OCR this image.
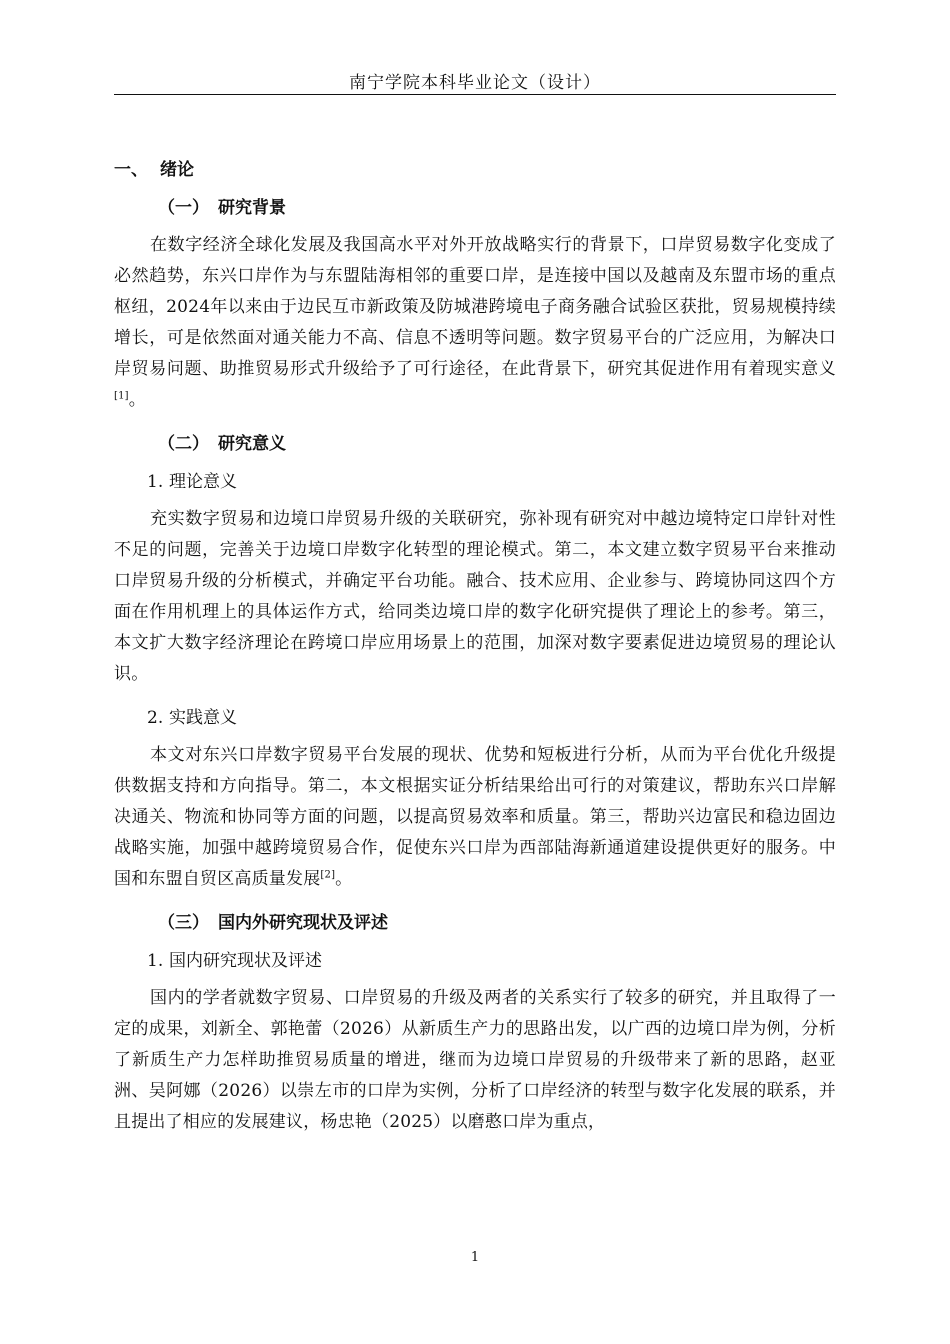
南宁学院本科毕业论文（设计）
一、 绪论
（一） 研究背景

在数字经济全球化发展及我国高水平对外开放战略实行的背景下，口岸贸易数字化变成了必然趋势，东兴口岸作为与东盟陆海相邻的重要口岸，是连接中国以及越南及东盟市场的重点枢纽，2024年以来由于边民互市新政策及防城港跨境电子商务融合试验区获批，贸易规模持续增长，可是依然面对通关能力不高、信息不透明等问题。数字贸易平台的广泛应用，为解决口岸贸易问题、助推贸易形式升级给予了可行途径，在此背景下，研究其促进作用有着现实意义[1]。

（二） 研究意义
1. 理论意义

充实数字贸易和边境口岸贸易升级的关联研究，弥补现有研究对中越边境特定口岸针对性不足的问题，完善关于边境口岸数字化转型的理论模式。第二，本文建立数字贸易平台来推动口岸贸易升级的分析模式，并确定平台功能。融合、技术应用、企业参与、跨境协同这四个方面在作用机理上的具体运作方式，给同类边境口岸的数字化研究提供了理论上的参考。第三，本文扩大数字经济理论在跨境口岸应用场景上的范围，加深对数字要素促进边境贸易的理论认识。

2. 实践意义

本文对东兴口岸数字贸易平台发展的现状、优势和短板进行分析，从而为平台优化升级提供数据支持和方向指导。第二，本文根据实证分析结果给出可行的对策建议，帮助东兴口岸解决通关、物流和协同等方面的问题，以提高贸易效率和质量。第三，帮助兴边富民和稳边固边战略实施，加强中越跨境贸易合作，促使东兴口岸为西部陆海新通道建设提供更好的服务。中国和东盟自贸区高质量发展[2]。

（三） 国内外研究现状及评述
1. 国内研究现状及评述

国内的学者就数字贸易、口岸贸易的升级及两者的关系实行了较多的研究，并且取得了一定的成果，刘新全、郭艳蕾（2026）从新质生产力的思路出发，以广西的边境口岸为例，分析了新质生产力怎样助推贸易质量的增进，继而为边境口岸贸易的升级带来了新的思路，赵亚洲、吴阿娜（2026）以崇左市的口岸为实例，分析了口岸经济的转型与数字化发展的联系，并且提出了相应的发展建议，杨忠艳（2025）以磨憨口岸为重点，

1
